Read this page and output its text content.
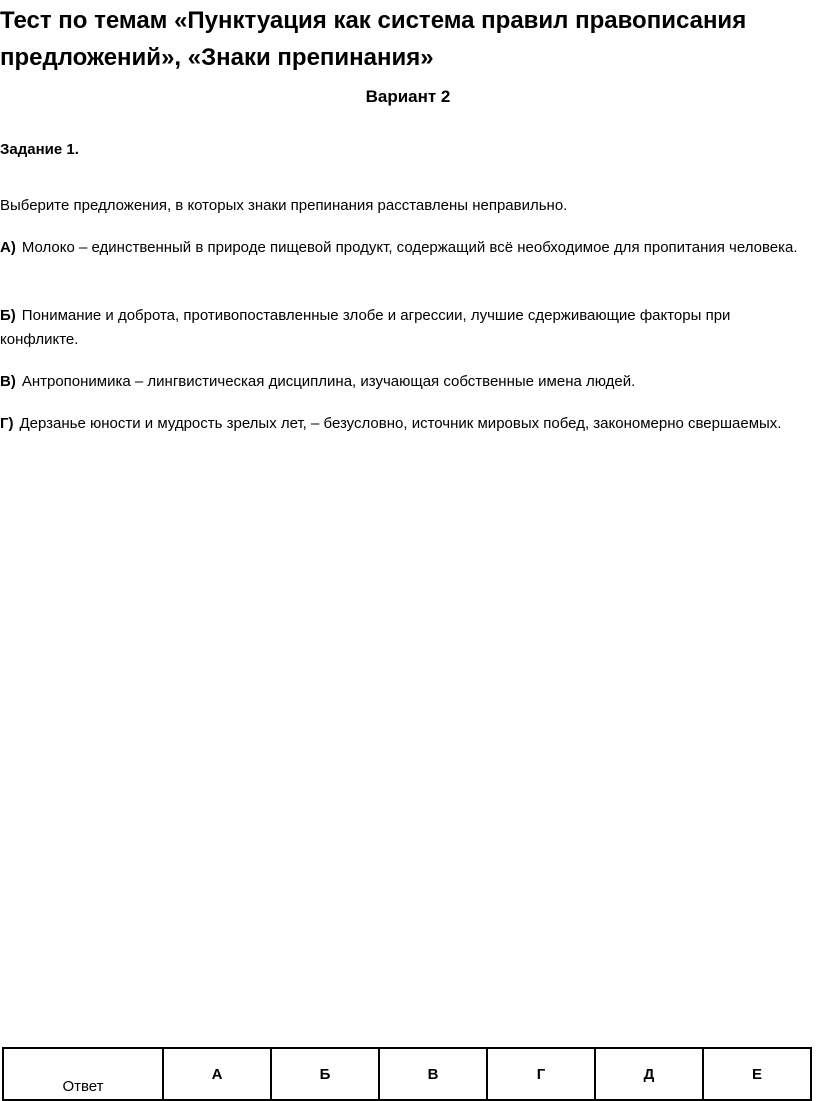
Тест по темам «Пунктуация как система правил правописания предложений», «Знаки препинания»
Вариант 2
Задание 1.
Выберите предложения, в которых знаки препинания расставлены неправильно.
А) Молоко – единственный в природе пищевой продукт, содержащий всё необходимое для пропитания человека.
Б) Понимание и доброта, противопоставленные злобе и агрессии, лучшие сдерживающие факторы при конфликте.
В) Антропонимика – лингвистическая дисциплина, изучающая собственные имена людей.
Г) Дерзанье юности и мудрость зрелых лет, – безусловно, источник мировых побед, закономерно свершаемых.
Ответ	А	Б	В	Г	Д	Е
